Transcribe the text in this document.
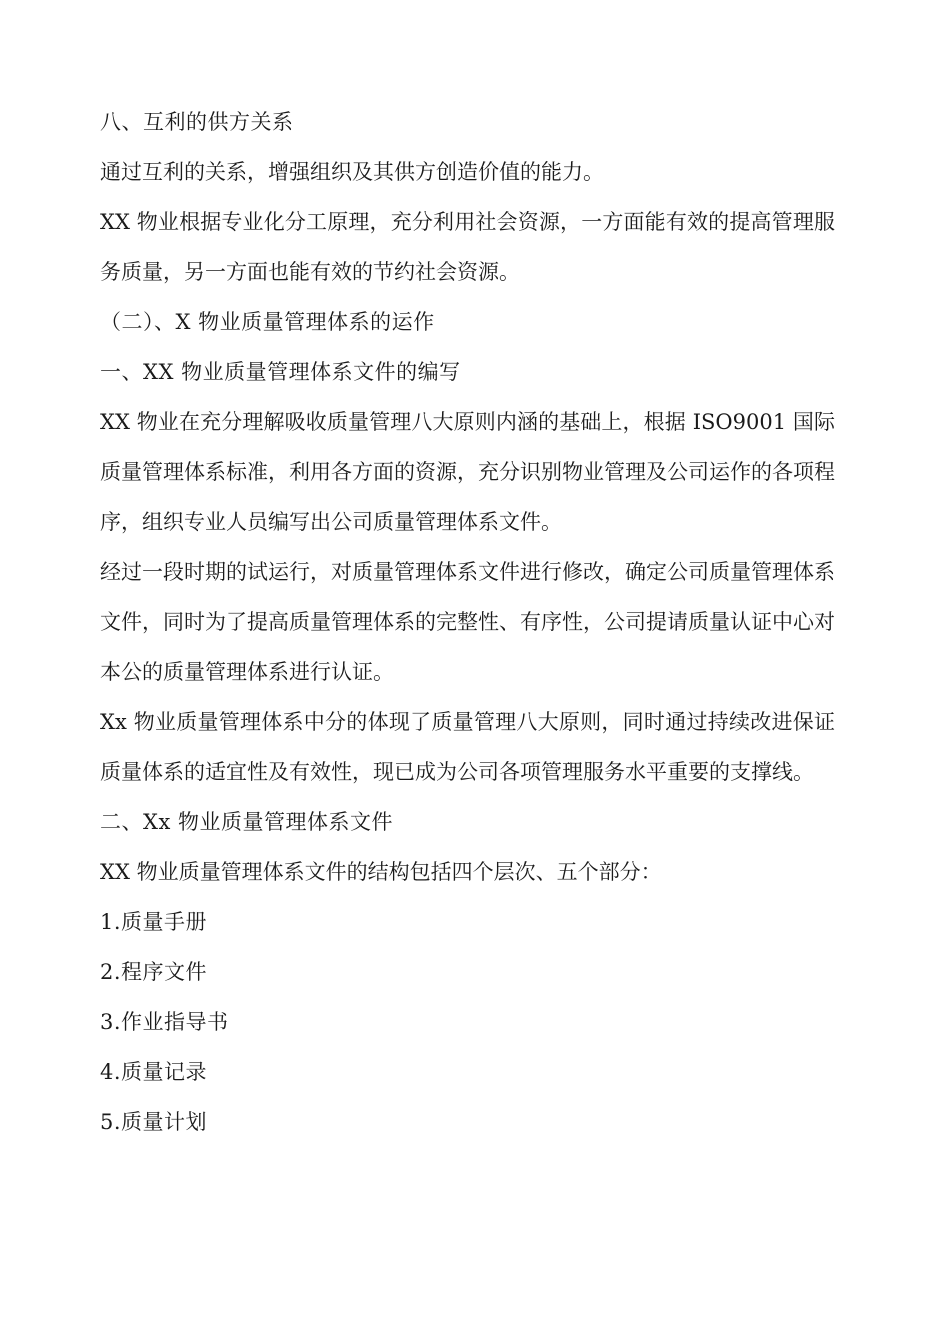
八、互利的供方关系

通过互利的关系，增强组织及其供方创造价值的能力。

XX 物业根据专业化分工原理，充分利用社会资源，一方面能有效的提高管理服务质量，另一方面也能有效的节约社会资源。

（二）、X 物业质量管理体系的运作

一、XX 物业质量管理体系文件的编写

XX 物业在充分理解吸收质量管理八大原则内涵的基础上，根据 ISO9001 国际质量管理体系标准，利用各方面的资源，充分识别物业管理及公司运作的各项程序，组织专业人员编写出公司质量管理体系文件。

经过一段时期的试运行，对质量管理体系文件进行修改，确定公司质量管理体系文件，同时为了提高质量管理体系的完整性、有序性，公司提请质量认证中心对本公的质量管理体系进行认证。

Xx 物业质量管理体系中分的体现了质量管理八大原则，同时通过持续改进保证质量体系的适宜性及有效性，现已成为公司各项管理服务水平重要的支撑线。

二、Xx 物业质量管理体系文件

XX 物业质量管理体系文件的结构包括四个层次、五个部分：

1.质量手册

2.程序文件

3.作业指导书

4.质量记录

5.质量计划
